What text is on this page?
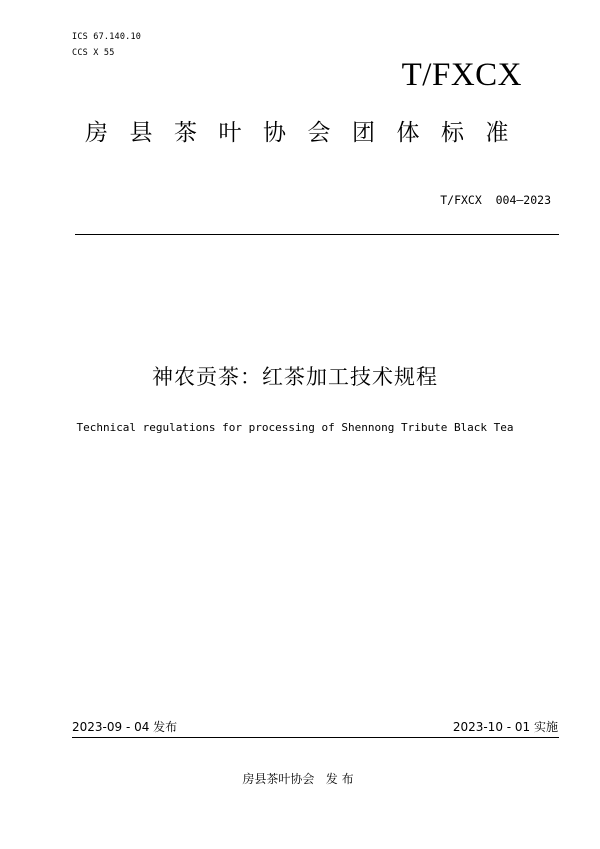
ICS 67.140.10
CCS X 55
T/FXCX
房县茶叶协会团体标准
T/FXCX  004—2023
神农贡茶：红茶加工技术规程
Technical regulations for processing of Shennong Tribute Black Tea
2023-09 - 04 发布	2023-10 - 01 实施
房县茶叶协会   发 布
